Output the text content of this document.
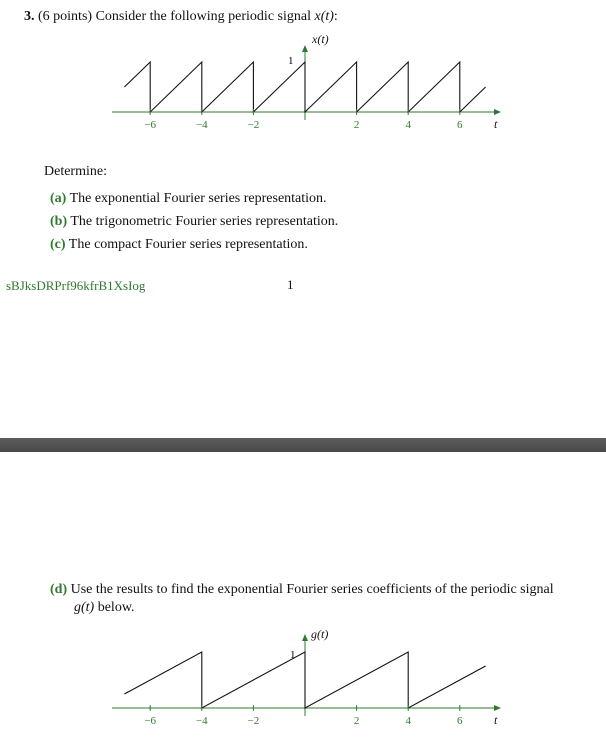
3. (6 points) Consider the following periodic signal x(t):
x(t)
t
1
−6	−4	−2	2	4	6
Determine:
(a) The exponential Fourier series representation.
(b) The trigonometric Fourier series representation.
(c) The compact Fourier series representation.
sBJksDRPrf96kfrB1XsIog	1
(d) Use the results to find the exponential Fourier series coefficients of the periodic signal
g(t) below.
g(t)
t
1
−6	−4	−2	2	4	6
